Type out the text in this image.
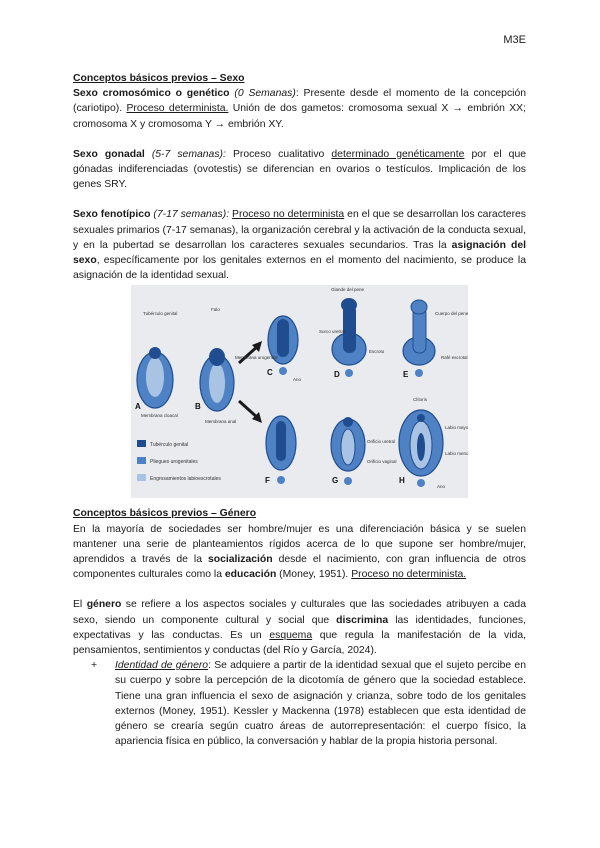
M3E

Conceptos básicos previos – Sexo

Sexo cromosómico o genético (0 Semanas): Presente desde el momento de la concepción (cariotipo). Proceso determinista. Unión de dos gametos: cromosoma sexual X → embrión XX; cromosoma X y cromosoma Y → embrión XY.

Sexo gonadal (5-7 semanas): Proceso cualitativo determinado genéticamente por el que gónadas indiferenciadas (ovotestis) se diferencian en ovarios o testículos. Implicación de los genes SRY.

Sexo fenotípico (7-17 semanas): Proceso no determinista en el que se desarrollan los caracteres sexuales primarios (7-17 semanas), la organización cerebral y la activación de la conducta sexual, y en la pubertad se desarrollan los caracteres sexuales secundarios. Tras la asignación del sexo, específicamente por los genitales externos en el momento del nacimiento, se produce la asignación de la identidad sexual.

Tubérculo genital
Pliegues urogenitales
Engrosamientos labioescrotales
Tubérculo genital
Falo
Glande del pene
Cuerpo del pene
Surco uretral
Escroto
Rafé escrotal
Ano
Membrana urogenital
Membrana cloacal
Membrana anal
Clítoris
Labio mayor
Labio menor
Orificio uretral
Orificio vaginal
Ano
A	B
C	D	E
F	G	H

Conceptos básicos previos – Género

En la mayoría de sociedades ser hombre/mujer es una diferenciación básica y se suelen mantener una serie de planteamientos rígidos acerca de lo que supone ser hombre/mujer, aprendidos a través de la socialización desde el nacimiento, con gran influencia de otros componentes culturales como la educación (Money, 1951). Proceso no determinista.

El género se refiere a los aspectos sociales y culturales que las sociedades atribuyen a cada sexo, siendo un componente cultural y social que discrimina las identidades, funciones, expectativas y las conductas. Es un esquema que regula la manifestación de la vida, pensamientos, sentimientos y conductas (del Río y García, 2024).

+	Identidad de género: Se adquiere a partir de la identidad sexual que el sujeto percibe en su cuerpo y sobre la percepción de la dicotomía de género que la sociedad establece. Tiene una gran influencia el sexo de asignación y crianza, sobre todo de los genitales externos (Money, 1951). Kessler y Mackenna (1978) establecen que esta identidad de género se crearía según cuatro áreas de autorrepresentación: el cuerpo físico, la apariencia física en público, la conversación y hablar de la propia historia personal.
